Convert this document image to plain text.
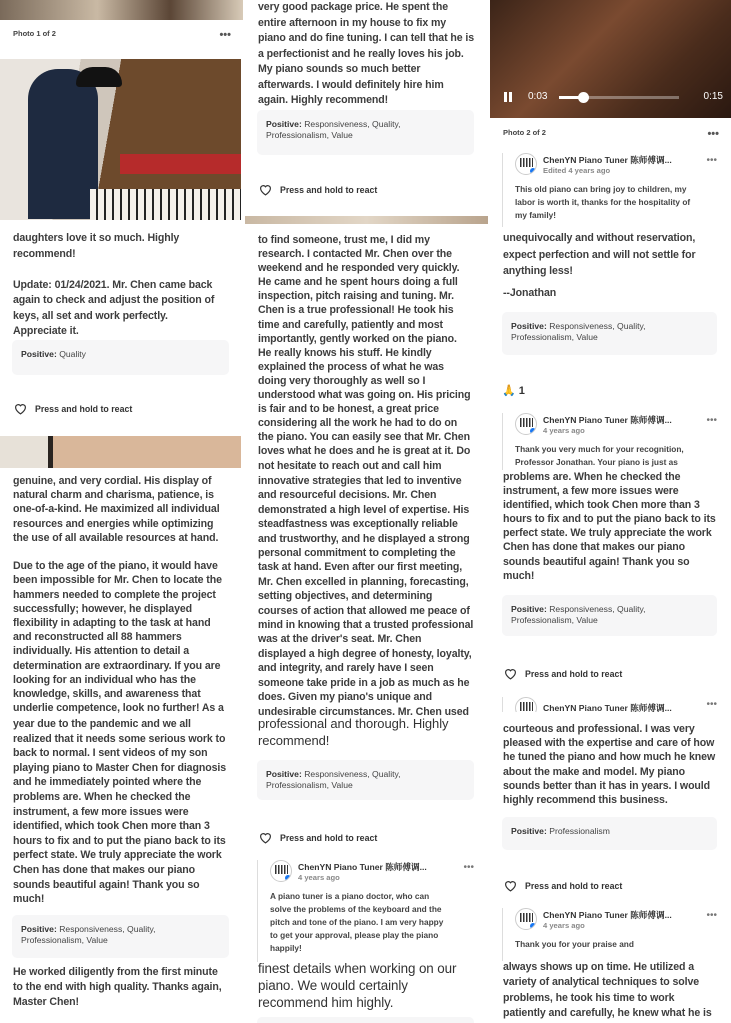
Photo 1 of 2	•••
daughters love it so much. Highly
recommend!

Update: 01/24/2021. Mr. Chen came back
again to check and adjust the position of
keys, all set and work perfectly.
Appreciate it.
Positive: Quality
Press and hold to react
genuine, and very cordial. His display of
natural charm and charisma, patience, is
one-of-a-kind. He maximized all individual
resources and energies while optimizing
the use of all available resources at hand.

Due to the age of the piano, it would have
been impossible for Mr. Chen to locate the
hammers needed to complete the project
successfully; however, he displayed
flexibility in adapting to the task at hand
and reconstructed all 88 hammers
individually. His attention to detail a
determination are extraordinary. If you are
looking for an individual who has the
knowledge, skills, and awareness that
underlie competence, look no further! As a
year due to the pandemic and we all
realized that it needs some serious work to
back to normal. I sent videos of my son
playing piano to Master Chen for diagnosis
and he immediately pointed where the
problems are. When he checked the
instrument, a few more issues were
identified, which took Chen more than 3
hours to fix and to put the piano back to its
perfect state. We truly appreciate the work
Chen has done that makes our piano
sounds beautiful again! Thank you so
much!
Positive: Responsiveness, Quality,
Professionalism, Value
He worked diligently from the first minute
to the end with high quality. Thanks again,
Master Chen!
very good package price. He spent the
entire afternoon in my house to fix my
piano and do fine tuning. I can tell that he is
a perfectionist and he really loves his job.
My piano sounds so much better
afterwards. I would definitely hire him
again. Highly recommend!
Positive: Responsiveness, Quality,
Professionalism, Value
Press and hold to react
to find someone, trust me, I did my
research. I contacted Mr. Chen over the
weekend and he responded very quickly.
He came and he spent hours doing a full
inspection, pitch raising and tuning. Mr.
Chen is a true professional! He took his
time and carefully, patiently and most
importantly, gently worked on the piano.
He really knows his stuff. He kindly
explained the process of what he was
doing very thoroughly as well so I
understood what was going on. His pricing
is fair and to be honest, a great price
considering all the work he had to do on
the piano. You can easily see that Mr. Chen
loves what he does and he is great at it. Do
not hesitate to reach out and call him
innovative strategies that led to inventive
and resourceful decisions. Mr. Chen
demonstrated a high level of expertise. His
steadfastness was exceptionally reliable
and trustworthy, and he displayed a strong
personal commitment to completing the
task at hand. Even after our first meeting,
Mr. Chen excelled in planning, forecasting,
setting objectives, and determining
courses of action that allowed me peace of
mind in knowing that a trusted professional
was at the driver's seat. Mr. Chen
displayed a high degree of honesty, loyalty,
and integrity, and rarely have I seen
someone take pride in a job as much as he
does. Given my piano's unique and
undesirable circumstances. Mr. Chen used
professional and thorough. Highly
recommend!
Positive: Responsiveness, Quality,
Professionalism, Value
Press and hold to react
ChenYN Piano Tuner 陈师傅调...
4 years ago
•••
A piano tuner is a piano doctor, who can
solve the problems of the keyboard and the
pitch and tone of the piano. I am very happy
to get your approval, please play the piano
happily!
finest details when working on our
piano. We would certainly
recommend him highly.
0:03	0:15
Photo 2 of 2	•••
ChenYN Piano Tuner 陈师傅调...
Edited 4 years ago
•••
This old piano can bring joy to children, my
labor is worth it, thanks for the hospitality of
my family!
unequivocally and without reservation,
expect perfection and will not settle for
anything less!
--Jonathan
Positive: Responsiveness, Quality,
Professionalism, Value
🙏 1
ChenYN Piano Tuner 陈师傅调...
4 years ago
•••
Thank you very much for your recognition,
Professor Jonathan. Your piano is just as
problems are. When he checked the
instrument, a few more issues were
identified, which took Chen more than 3
hours to fix and to put the piano back to its
perfect state. We truly appreciate the work
Chen has done that makes our piano
sounds beautiful again! Thank you so
much!
Positive: Responsiveness, Quality,
Professionalism, Value
Press and hold to react
ChenYN Piano Tuner 陈师傅调...	•••
courteous and professional. I was very
pleased with the expertise and care of how
he tuned the piano and how much he knew
about the make and model. My piano
sounds better than it has in years. I would
highly recommend this business.
Positive: Professionalism
Press and hold to react
ChenYN Piano Tuner 陈师傅调...
4 years ago
•••
Thank you for your praise and
always shows up on time. He utilized a
variety of analytical techniques to solve
problems, he took his time to work
patiently and carefully, he knew what he is
